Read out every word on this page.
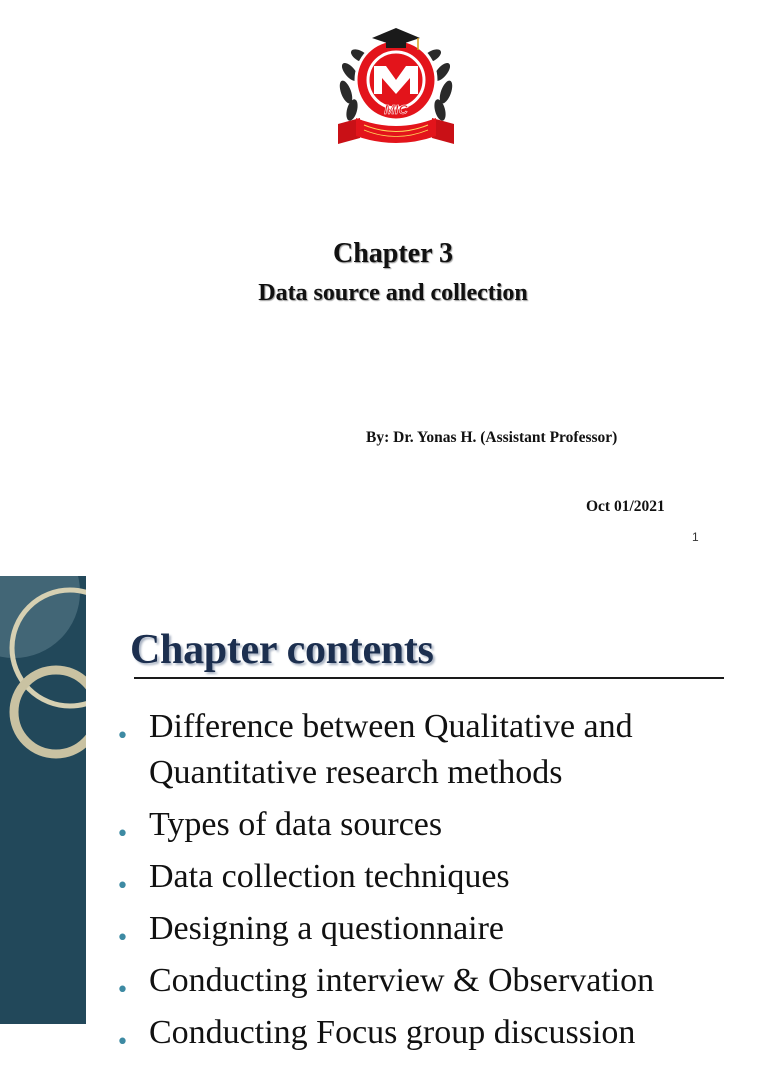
MIC
Chapter 3
Data source and collection
By: Dr. Yonas H. (Assistant Professor)
Oct 01/2021
1
Chapter contents
• Difference between Qualitative and Quantitative research methods
• Types of data sources
• Data collection techniques
• Designing a questionnaire
• Conducting interview & Observation
• Conducting Focus group discussion
